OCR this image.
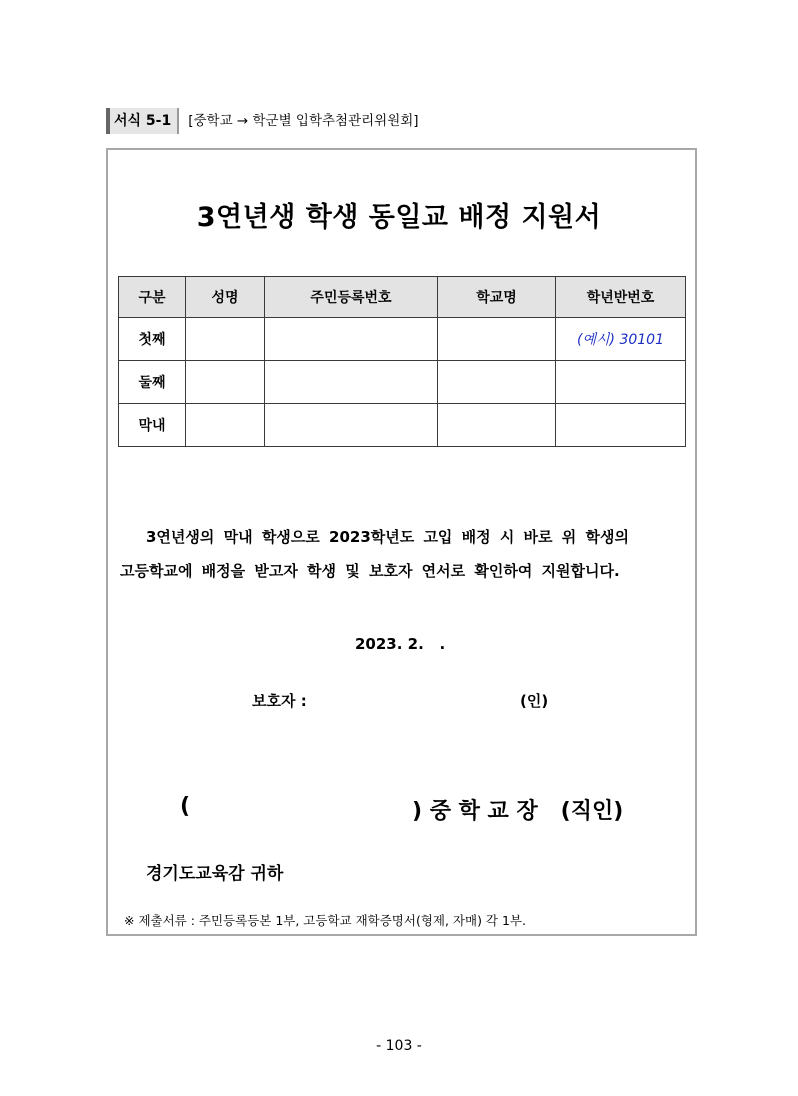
서식 5-1	[중학교 → 학군별 입학추첨관리위원회]
3연년생 학생 동일교 배정 지원서
구분	성명	주민등록번호	학교명	학년반번호
첫째				(예시) 30101
둘째				
막내				
3연년생의 막내 학생으로 2023학년도 고입 배정 시 바로 위 학생의
고등학교에 배정을 받고자 학생 및 보호자 연서로 확인하여 지원합니다.
2023. 2.   .
보호자 :	(인)
(	) 중 학 교 장   (직인)
경기도교육감 귀하
※ 제출서류 : 주민등록등본 1부, 고등학교 재학증명서(형제, 자매) 각 1부.
- 103 -
